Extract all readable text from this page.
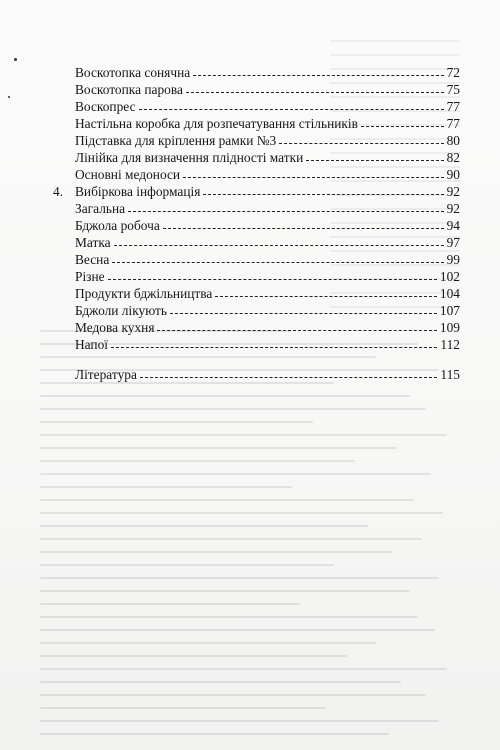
Воскотопка сонячна	72
Воскотопка парова	75
Воскопрес	77
Настільна коробка для розпечатування стільників	77
Підставка для кріплення рамки №3	80
Лінійка для визначення плідності матки	82
Основні медоноси	90
4. Вибіркова інформація	92
Загальна	92
Бджола робоча	94
Матка	97
Весна	99
Різне	102
Продукти бджільництва	104
Бджоли лікують	107
Медова кухня	109
Напої	112
Література	115
